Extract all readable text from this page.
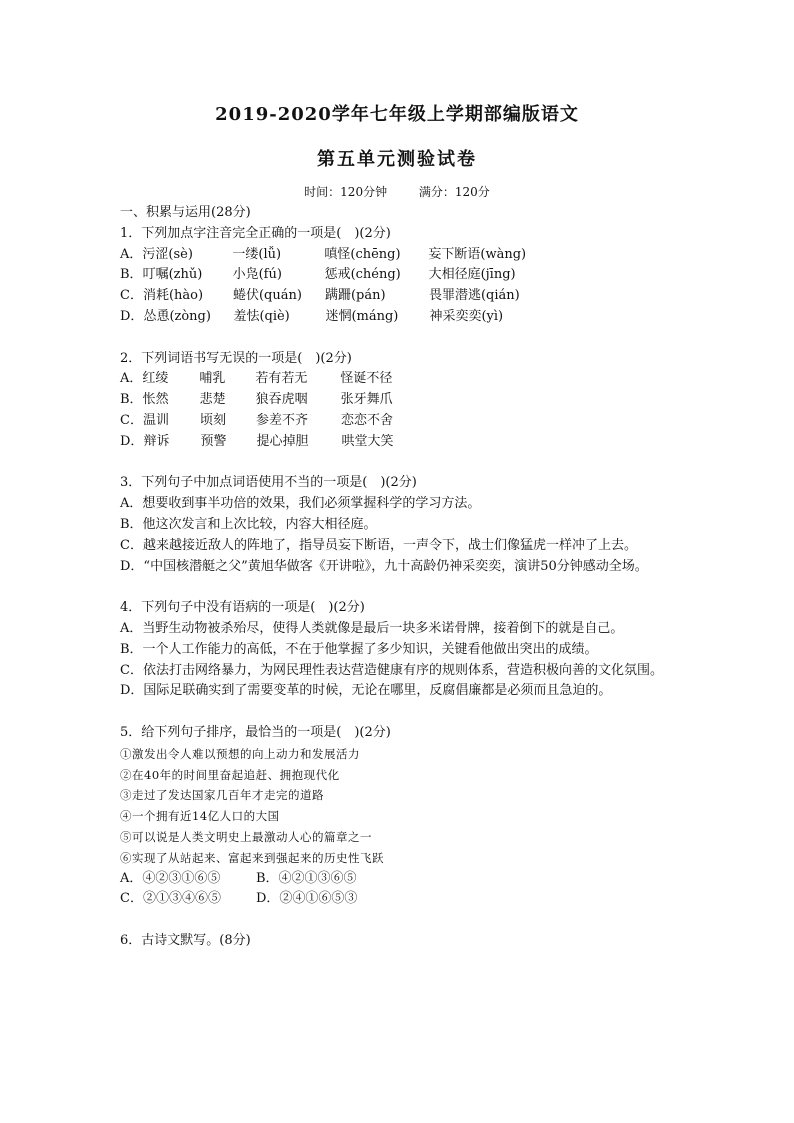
2019-2020学年七年级上学期部编版语文
第五单元测验试卷
时间：120分钟	满分：120分
一、积累与运用(28分)
1．下列加点字注音完全正确的一项是(　)(2分)
A．污涩(sè)	一缕(lǚ)	嗔怪(chēng) 妄下断语(wàng)
B．叮嘱(zhǔ) 小凫(fú)	惩戒(chéng) 大相径庭(jīng)
C．消耗(hào) 蜷伏(quán) 蹒跚(pán)	畏罪潜逃(qián)
D．怂恿(zòng) 羞怯(qiè)	迷惘(máng) 神采奕奕(yì)
2．下列词语书写无误的一项是(　)(2分)
A．红绫 哺乳 若有若无	怪诞不径
B．怅然 悲楚 狼吞虎咽	张牙舞爪
C．温训 顷刻 参差不齐	恋恋不舍
D．辩诉 预警 提心掉胆	哄堂大笑
3．下列句子中加点词语使用不当的一项是(　)(2分)
A．想要收到事半功倍的效果，我们必须掌握科学的学习方法。
B．他这次发言和上次比较，内容大相径庭。
C．越来越接近敌人的阵地了，指导员妄下断语，一声令下，战士们像猛虎一样冲了上去。
D．“中国核潜艇之父”黄旭华做客《开讲啦》，九十高龄仍神采奕奕，演讲50分钟感动全场。
4．下列句子中没有语病的一项是(　)(2分)
A．当野生动物被杀殆尽，使得人类就像是最后一块多米诺骨牌，接着倒下的就是自己。
B．一个人工作能力的高低，不在于他掌握了多少知识，关键看他做出突出的成绩。
C．依法打击网络暴力，为网民理性表达营造健康有序的规则体系，营造积极向善的文化氛围。
D．国际足联确实到了需要变革的时候，无论在哪里，反腐倡廉都是必须而且急迫的。
5．给下列句子排序，最恰当的一项是(　)(2分)
①激发出令人难以预想的向上动力和发展活力
②在40年的时间里奋起追赶、拥抱现代化
③走过了发达国家几百年才走完的道路
④一个拥有近14亿人口的大国
⑤可以说是人类文明史上最激动人心的篇章之一
⑥实现了从站起来、富起来到强起来的历史性飞跃
A．④②③①⑥⑤	B．④②①③⑥⑤
C．②①③④⑥⑤	D．②④①⑥⑤③
6．古诗文默写。(8分)
